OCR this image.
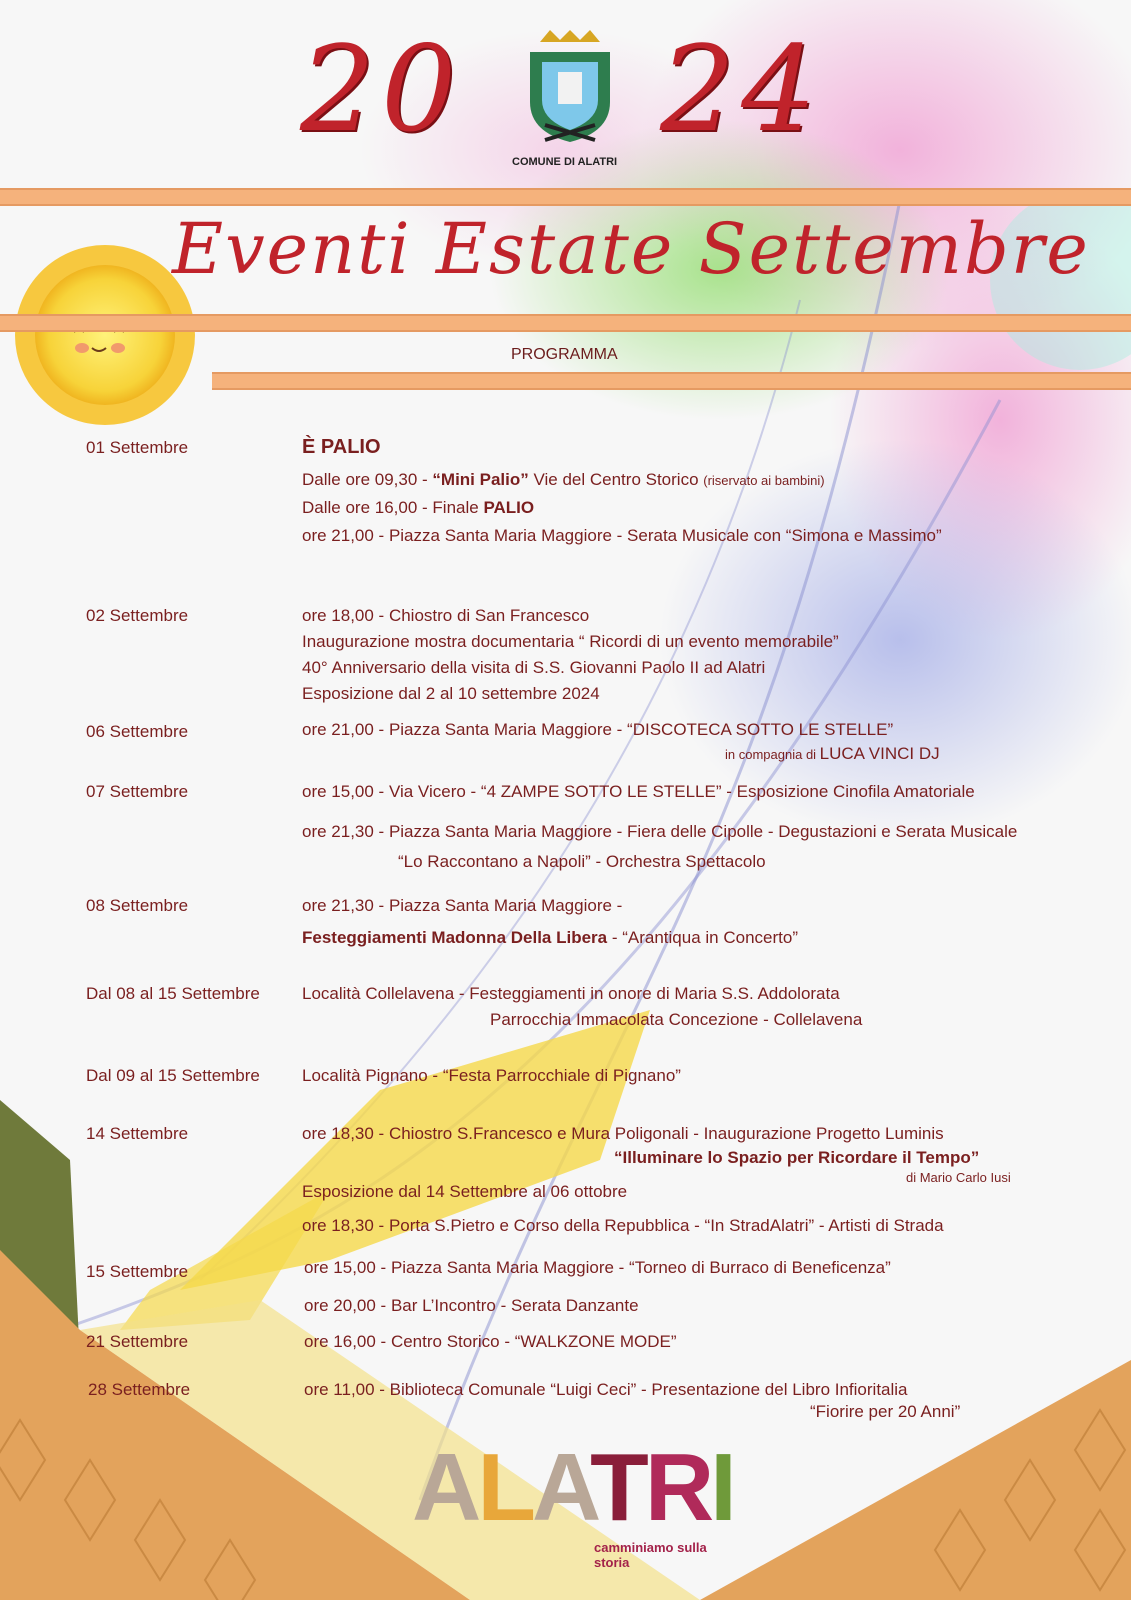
20 24
COMUNE DI ALATRI
Eventi Estate Settembre
PROGRAMMA
01 Settembre	È PALIO
Dalle ore 09,30 - “Mini Palio” Vie del Centro Storico (riservato ai bambini)
Dalle ore 16,00 - Finale PALIO
ore 21,00 - Piazza Santa Maria Maggiore - Serata Musicale con “Simona e Massimo”
02 Settembre	ore 18,00 - Chiostro di San Francesco
Inaugurazione mostra documentaria “ Ricordi di un evento memorabile”
40° Anniversario della visita di S.S. Giovanni Paolo II ad Alatri
Esposizione dal 2 al 10 settembre 2024
06 Settembre	ore 21,00 - Piazza Santa Maria Maggiore - “DISCOTECA SOTTO LE STELLE”
in compagnia di LUCA VINCI DJ
07 Settembre	ore 15,00 - Via Vicero - “4 ZAMPE SOTTO LE STELLE” - Esposizione Cinofila Amatoriale
ore 21,30 - Piazza Santa Maria Maggiore - Fiera delle Cipolle - Degustazioni e Serata Musicale
“Lo Raccontano a Napoli” - Orchestra Spettacolo
08 Settembre	ore 21,30 - Piazza Santa Maria Maggiore -
Festeggiamenti Madonna Della Libera - “Arantiqua in Concerto”
Dal 08 al 15 Settembre Località Collelavena - Festeggiamenti in onore di Maria S.S. Addolorata
Parrocchia Immacolata Concezione - Collelavena
Dal 09 al 15 Settembre Località Pignano - “Festa Parrocchiale di Pignano”
14 Settembre	ore 18,30 - Chiostro S.Francesco e Mura Poligonali - Inaugurazione Progetto Luminis
“Illuminare lo Spazio per Ricordare il Tempo”
di Mario Carlo Iusi
Esposizione dal 14 Settembre al 06 ottobre
ore 18,30 - Porta S.Pietro e Corso della Repubblica - “In StradAlatri” - Artisti di Strada
15 Settembre	ore 15,00 - Piazza Santa Maria Maggiore - “Torneo di Burraco di Beneficenza”
ore 20,00 - Bar L’Incontro - Serata Danzante
21 Settembre	ore 16,00 - Centro Storico - “WALKZONE MODE”
28 Settembre	ore 11,00 - Biblioteca Comunale “Luigi Ceci” - Presentazione del Libro Infioritalia
“Fiorire per 20 Anni”
ALATRI
camminiamo sulla storia
